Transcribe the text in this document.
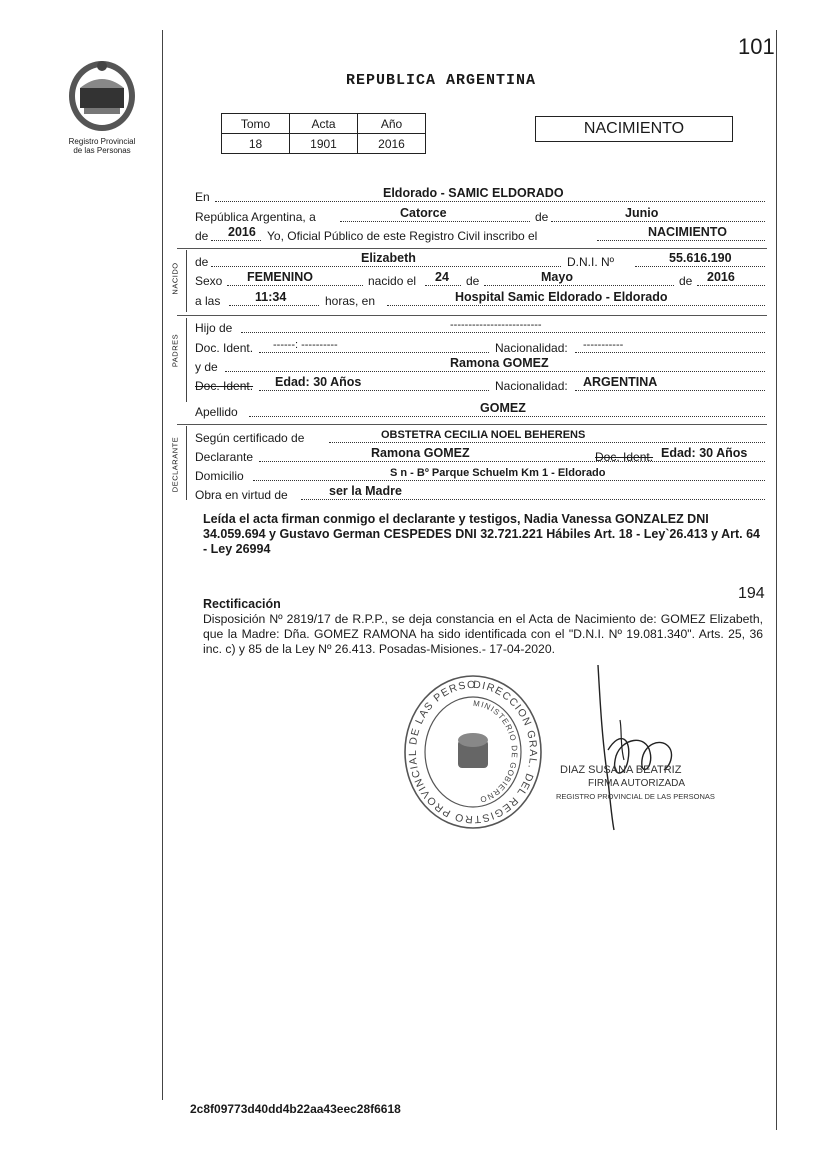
Registro Provincial
de las Personas
101
REPUBLICA ARGENTINA
Tomo	Acta	Año
18	1901	2016
NACIMIENTO
NACIDO
PADRES
DECLARANTE
En	Eldorado - SAMIC ELDORADO
República Argentina, a	Catorce	de	Junio
de 2016 Yo, Oficial Público de este Registro Civil inscribo el	NACIMIENTO
de	Elizabeth	D.N.I. Nº	55.616.190
Sexo FEMENINO	nacido el 24 de	Mayo	de 2016
a las	11:34	horas, en	Hospital Samic Eldorado - Eldorado
Hijo de	-------------------------
Doc. Ident. ------: ----------	Nacionalidad: -----------
y de	Ramona GOMEZ
Doc. Ident. Edad: 30 Años	Nacionalidad: ARGENTINA
Apellido	GOMEZ
Según certificado de	OBSTETRA CECILIA NOEL BEHERENS
Declarante	Ramona GOMEZ	Doc. Ident. Edad: 30 Años
Domicilio	S n - Bº Parque Schuelm Km 1 - Eldorado
Obra en virtud de	ser la Madre
Leída el acta firman conmigo el declarante y testigos, Nadia Vanessa GONZALEZ DNI 34.059.694 y Gustavo German CESPEDES DNI 32.721.221 Hábiles Art. 18 - Ley`26.413 y Art. 64 - Ley 26994
194
Rectificación
Disposición Nº 2819/17 de R.P.P., se deja constancia en el Acta de Nacimiento de: GOMEZ Elizabeth, que la Madre: Dña. GOMEZ RAMONA ha sido identificada con el "D.N.I. Nº 19.081.340". Arts. 25, 36 inc. c) y 85 de la Ley Nº 26.413. Posadas-Misiones.- 17-04-2020.
DIRECCION GRAL. DEL REGISTRO PROVINCIAL DE LAS PERSO
MINISTERIO DE GOBIERNO
DIAZ SUSANA BEATRIZ
FIRMA AUTORIZADA
REGISTRO PROVINCIAL DE LAS PERSONAS
2c8f09773d40dd4b22aa43eec28f6618
